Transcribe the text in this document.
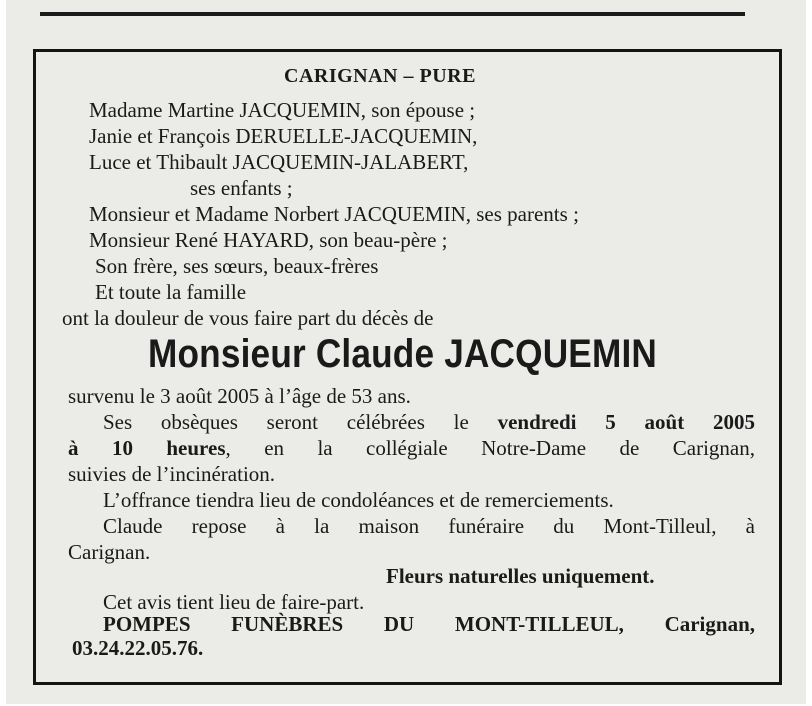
CARIGNAN – PURE
Madame Martine JACQUEMIN, son épouse ;
Janie et François DERUELLE-JACQUEMIN,
Luce et Thibault JACQUEMIN-JALABERT,
ses enfants ;
Monsieur et Madame Norbert JACQUEMIN, ses parents ;
Monsieur René HAYARD, son beau-père ;
Son frère, ses sœurs, beaux-frères
Et toute la famille
ont la douleur de vous faire part du décès de
Monsieur Claude JACQUEMIN
survenu le 3 août 2005 à l’âge de 53 ans.
Ses obsèques seront célébrées le vendredi 5 août 2005
à 10 heures, en la collégiale Notre-Dame de Carignan,
suivies de l’incinération.
L’offrance tiendra lieu de condoléances et de remerciements.
Claude repose à la maison funéraire du Mont-Tilleul, à
Carignan.
Fleurs naturelles uniquement.
Cet avis tient lieu de faire-part.
POMPES FUNÈBRES DU MONT-TILLEUL, Carignan,
03.24.22.05.76.
